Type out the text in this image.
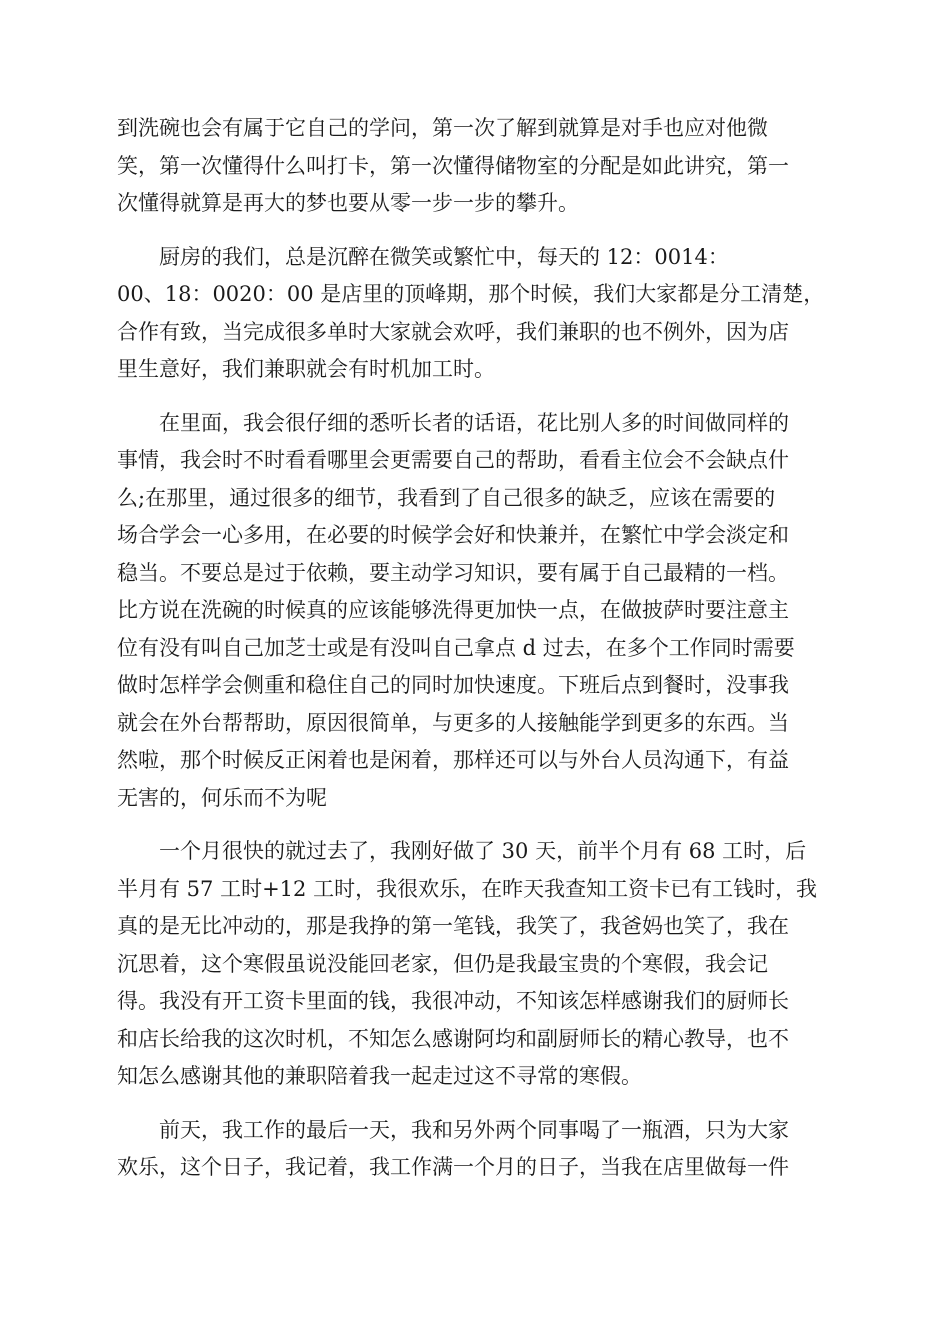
到洗碗也会有属于它自己的学问，第一次了解到就算是对手也应对他微
笑，第一次懂得什么叫打卡，第一次懂得储物室的分配是如此讲究，第一
次懂得就算是再大的梦也要从零一步一步的攀升。

　　厨房的我们，总是沉醉在微笑或繁忙中，每天的 12：0014：
00、18：0020：00 是店里的顶峰期，那个时候，我们大家都是分工清楚，
合作有致，当完成很多单时大家就会欢呼，我们兼职的也不例外，因为店
里生意好，我们兼职就会有时机加工时。

　　在里面，我会很仔细的悉听长者的话语，花比别人多的时间做同样的
事情，我会时不时看看哪里会更需要自己的帮助，看看主位会不会缺点什
么;在那里，通过很多的细节，我看到了自己很多的缺乏，应该在需要的
场合学会一心多用，在必要的时候学会好和快兼并，在繁忙中学会淡定和
稳当。不要总是过于依赖，要主动学习知识，要有属于自己最精的一档。
比方说在洗碗的时候真的应该能够洗得更加快一点，在做披萨时要注意主
位有没有叫自己加芝士或是有没叫自己拿点 d 过去，在多个工作同时需要
做时怎样学会侧重和稳住自己的同时加快速度。下班后点到餐时，没事我
就会在外台帮帮助，原因很简单，与更多的人接触能学到更多的东西。当
然啦，那个时候反正闲着也是闲着，那样还可以与外台人员沟通下，有益
无害的，何乐而不为呢

　　一个月很快的就过去了，我刚好做了 30 天，前半个月有 68 工时，后
半月有 57 工时+12 工时，我很欢乐，在昨天我查知工资卡已有工钱时，我
真的是无比冲动的，那是我挣的第一笔钱，我笑了，我爸妈也笑了，我在
沉思着，这个寒假虽说没能回老家，但仍是我最宝贵的个寒假，我会记
得。我没有开工资卡里面的钱，我很冲动，不知该怎样感谢我们的厨师长
和店长给我的这次时机，不知怎么感谢阿均和副厨师长的精心教导，也不
知怎么感谢其他的兼职陪着我一起走过这不寻常的寒假。

　　前天，我工作的最后一天，我和另外两个同事喝了一瓶酒，只为大家
欢乐，这个日子，我记着，我工作满一个月的日子，当我在店里做每一件
